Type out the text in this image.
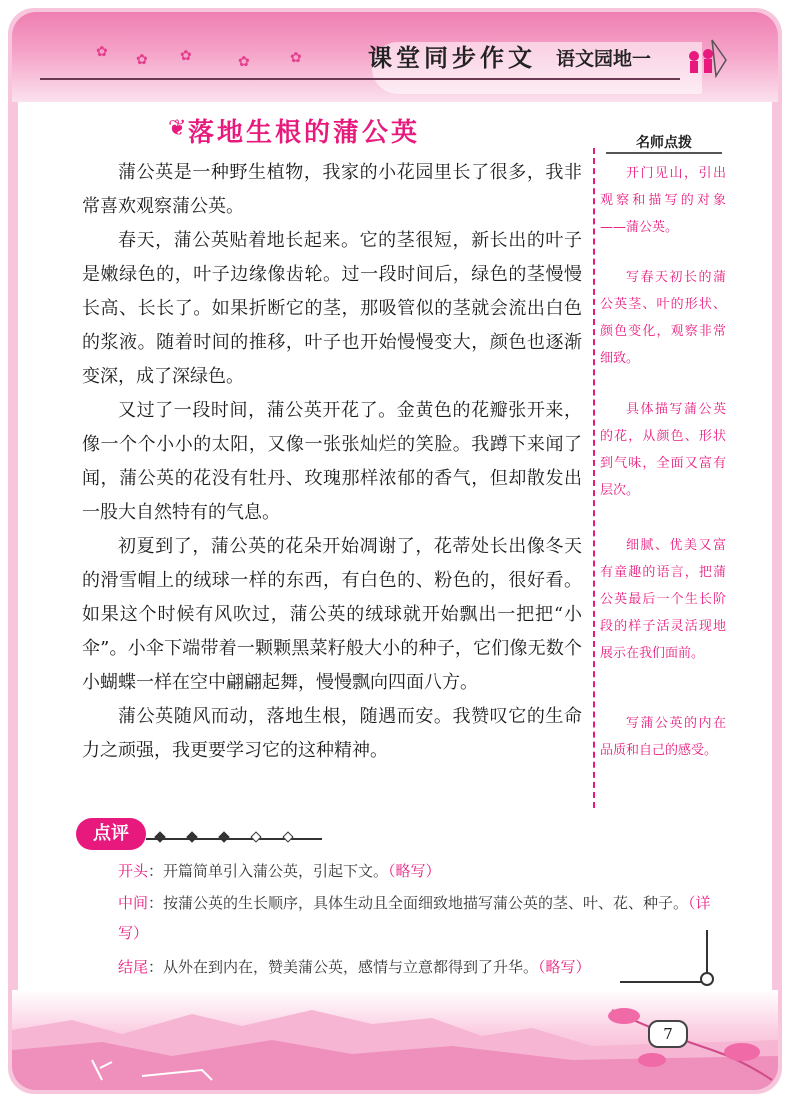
✿ ✿ ✿	✿	✿	课堂同步作文 语文园地一
❦ 落地生根的蒲公英

蒲公英是一种野生植物，我家的小花园里长了很多，我非常喜欢观察蒲公英。

春天，蒲公英贴着地长起来。它的茎很短，新长出的叶子是嫩绿色的，叶子边缘像齿轮。过一段时间后，绿色的茎慢慢长高、长长了。如果折断它的茎，那吸管似的茎就会流出白色的浆液。随着时间的推移，叶子也开始慢慢变大，颜色也逐渐变深，成了深绿色。

又过了一段时间，蒲公英开花了。金黄色的花瓣张开来，像一个个小小的太阳，又像一张张灿烂的笑脸。我蹲下来闻了闻，蒲公英的花没有牡丹、玫瑰那样浓郁的香气，但却散发出一股大自然特有的气息。

初夏到了，蒲公英的花朵开始凋谢了，花蒂处长出像冬天的滑雪帽上的绒球一样的东西，有白色的、粉色的，很好看。如果这个时候有风吹过，蒲公英的绒球就开始飘出一把把“小伞”。小伞下端带着一颗颗黑菜籽般大小的种子，它们像无数个小蝴蝶一样在空中翩翩起舞，慢慢飘向四面八方。

蒲公英随风而动，落地生根，随遇而安。我赞叹它的生命力之顽强，我更要学习它的这种精神。

名师点拨

开门见山，引出观察和描写的对象——蒲公英。

写春天初长的蒲公英茎、叶的形状、颜色变化，观察非常细致。

具体描写蒲公英的花，从颜色、形状到气味，全面又富有层次。

细腻、优美又富有童趣的语言，把蒲公英最后一个生长阶段的样子活灵活现地展示在我们面前。

写蒲公英的内在品质和自己的感受。

点评

开头：开篇简单引入蒲公英，引起下文。（略写）

中间：按蒲公英的生长顺序，具体生动且全面细致地描写蒲公英的茎、叶、花、种子。（详写）

结尾：从外在到内在，赞美蒲公英，感情与立意都得到了升华。（略写）

7
